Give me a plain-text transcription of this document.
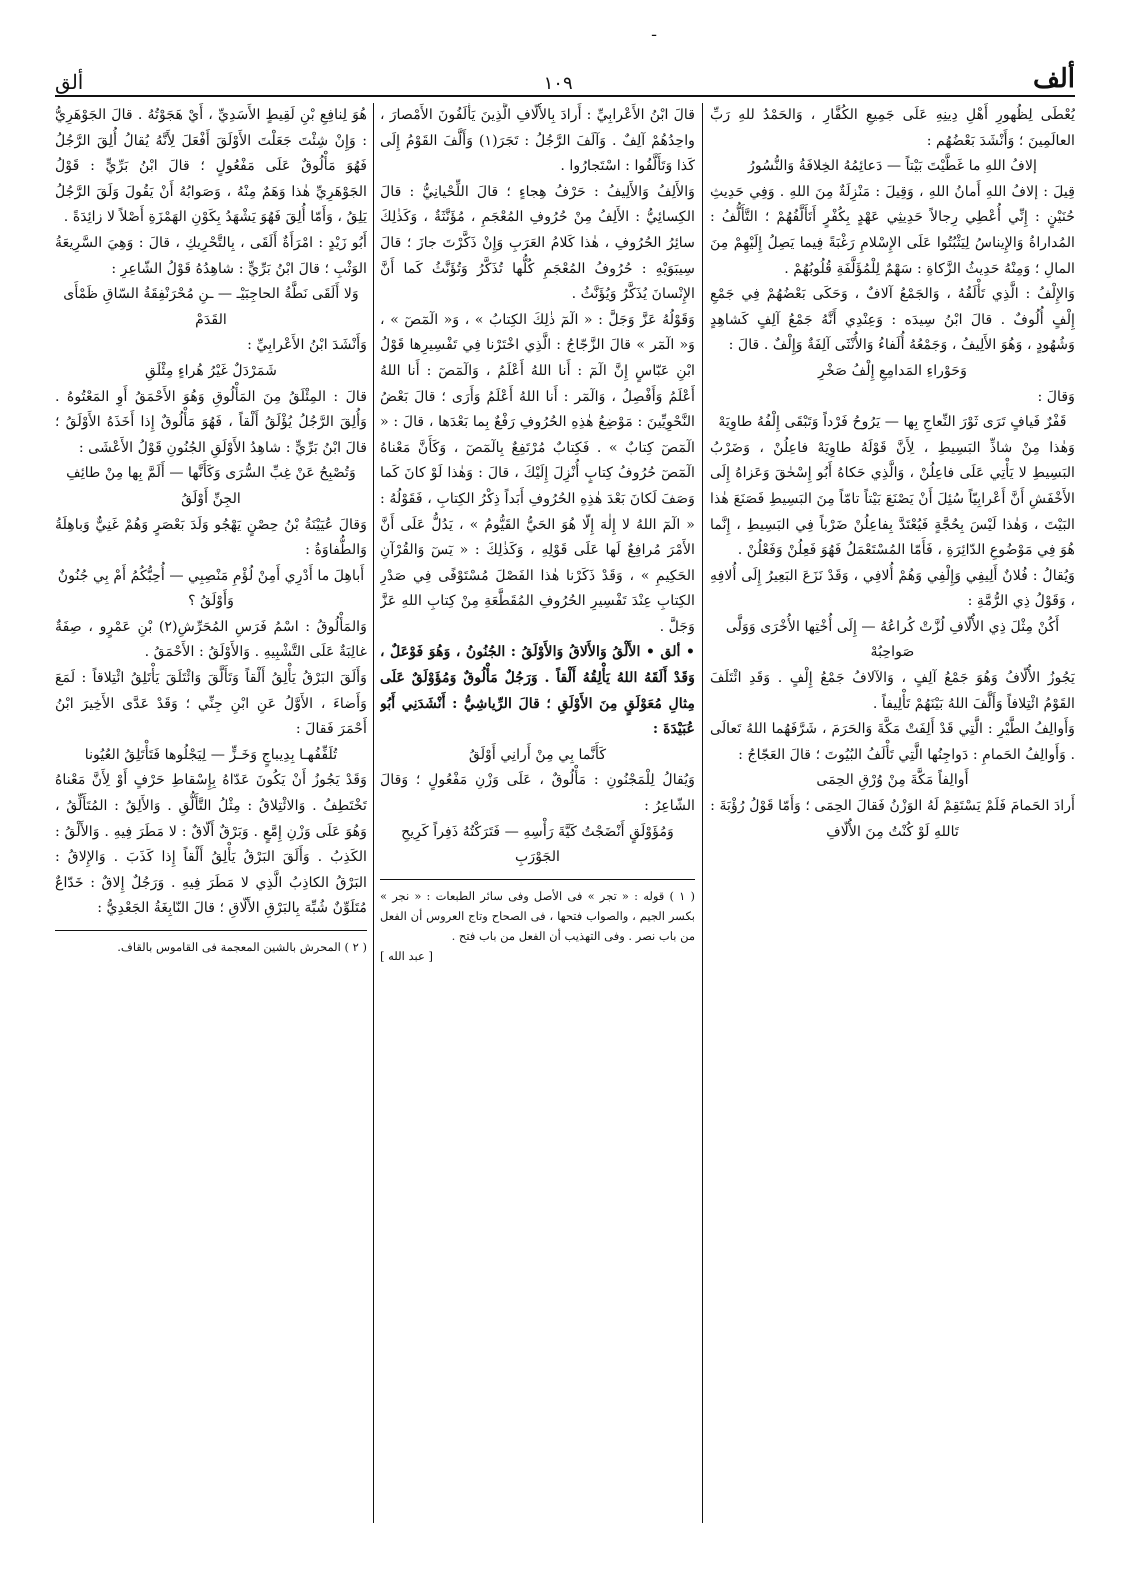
ـ
ألف
١٠٩
ألق

يُعْطَى لِظُهورِ أَهْلِ دِينِهِ عَلَى جَمِيعِ الكُفَّارِ ، وَالحَمْدُ للهِ رَبِّ العالَمِينَ ؛ وَأَنْشَدَ بَعْضُهُم :

إلافُ اللهِ ما غَطَّيْتَ بَيْتاً — دَعائِمُهُ الخِلافَةُ وَالنُّسُورُ

قِيلَ : إلافُ اللهِ أَمانُ اللهِ ، وَقِيلَ : مَنْزِلَةٌ مِنَ اللهِ . وَفِي حَدِيثِ حُنَيْنٍ : إِنِّي أُعْطِي رِجالاً حَدِيثِي عَهْدٍ بِكُفْرٍ أَتَأَلَّفُهُمْ ؛ التَّأَلُّفُ : المُداراةُ وَالإِيناسُ لِيَثْبُتُوا عَلَى الإِسْلامِ رَغْبَةً فِيما يَصِلُ إِلَيْهِمْ مِنَ المالِ ؛ وَمِنْهُ حَدِيثُ الزَّكاةِ : سَهْمٌ لِلْمُؤَلَّفَةِ قُلُوبُهُمْ .

وَالإِلْفُ : الَّذِي تَأْلَفُهُ ، وَالجَمْعُ آلافٌ ، وَحَكَى بَعْضُهُمْ فِي جَمْعِ إِلْفٍ أُلُوفٌ . قالَ ابْنُ سِيدَه : وَعِنْدِي أَنَّهُ جَمْعُ آلِفٍ كَشاهِدٍ وَشُهُودٍ ، وَهُوَ الأَلِيفُ ، وَجَمْعُهُ أُلَفاءُ وَالأُنْثَى آلِفَةٌ وَإِلْفٌ . قالَ :

وَحَوْراءِ المَدامِعِ إِلْفُ صَخْرِ

وَقالَ :

قَفْرٌ فَيافٍ تَرَى ثَوْرَ النِّعاجِ بِها — يَرُوحُ فَرْداً وَتَبْقَى إِلْفُهُ طاوِيَهْ

وَهٰذا مِنْ شاذِّ البَسِيطِ ، لِأَنَّ قَوْلَهُ طاوِيَهْ فاعِلُنْ ، وَضَرْبُ البَسِيطِ لا يَأْتِي عَلَى فاعِلُنْ ، وَالَّذِي حَكاهُ أَبُو إِسْحٰقَ وَعَزاهُ إِلَى الأَخْفَشِ أَنَّ أَعْرابِيّاً سُئِلَ أَنْ يَصْنَعَ بَيْتاً تامّاً مِنَ البَسِيطِ فَصَنَعَ هٰذا البَيْتَ ، وَهٰذا لَيْسَ بِحُجَّةٍ فَيُعْتَدَّ بِفاعِلُنْ ضَرْباً فِي البَسِيطِ ، إِنَّما هُوَ فِي مَوْضُوعِ الدّائِرَةِ ، فَأَمّا المُسْتَعْمَلُ فَهُوَ فَعِلُنْ وَفَعْلُنْ .

وَيُقالُ : فُلانٌ أَلِيفِي وَإِلْفِي وَهُمْ أُلافِي ، وَقَدْ نَزَعَ البَعِيرُ إِلَى أُلافِهِ ، وَقَوْلُ ذِي الرُّمَّةِ :

أَكُنْ مِثْلَ ذِي الأُلّافِ لُزَّتْ كُراعُهُ — إِلَى أُخْتِها الأُخْرَى وَوَلَّى صَواحِبُهْ

يَجُوزُ الأُلّافُ وَهُوَ جَمْعُ آلِفٍ ، وَالآلافُ جَمْعُ إِلْفٍ . وَقَدِ ائْتَلَفَ القَوْمُ ائْتِلافاً وَأَلَّفَ اللهُ بَيْنَهُمْ تَأْلِيفاً .

وَأَوالِفُ الطَّيْرِ : الَّتِي قَدْ أَلِفَتْ مَكَّةَ وَالحَرَمَ ، شَرَّفَهُما اللهُ تَعالَى . وَأَوالِفُ الحَمامِ : دَواجِنُها الَّتِي تَأْلَفُ البُيُوتَ ؛ قالَ العَجّاجُ :

أَوالِفاً مَكَّةَ مِنْ وُرْقِ الحِمَى

أَرادَ الحَمامَ فَلَمْ يَسْتَقِمْ لَهُ الوَزْنُ فَقالَ الحِمَى ؛ وَأَمّا قَوْلُ رُؤْبَةَ :

تَاللهِ لَوْ كُنْتُ مِنَ الأُلّافِ

قالَ ابْنُ الأَعْرابِيِّ : أَرادَ بِالأُلّافِ الَّذِينَ يَأْلَفُونَ الأَمْصارَ ، واحِدُهُمْ آلِفٌ . وَآلَفَ الرَّجُلُ : تَجَرَ(١) وَأَلَّفَ القَوْمُ إِلَى كَذا وَتَأَلَّفُوا : اسْتَجارُوا .

وَالأَلِفُ وَالأَلِيفُ : حَرْفُ هِجاءٍ ؛ قالَ اللِّحْيانِيُّ : قالَ الكِسائِيُّ : الأَلِفُ مِنْ حُرُوفِ المُعْجَمِ ، مُؤَنَّثَةٌ ، وَكَذٰلِكَ سائِرُ الحُرُوفِ ، هٰذا كَلامُ العَرَبِ وَإِنْ ذَكَّرْتَ جازَ ؛ قالَ سِيبَوَيْهِ : حُرُوفُ المُعْجَمِ كُلُّها تُذَكَّرُ وَتُؤَنَّثُ كَما أَنَّ الإِنْسانَ يُذَكَّرُ وَيُؤَنَّثُ .

وَقَوْلُهُ عَزَّ وَجَلَّ : « الٓمٓ ذٰلِكَ الكِتابُ » ، وَ« الٓمٓصٓ » ، وَ« الٓمٓر » قالَ الزَّجّاجُ : الَّذِي اخْتَرْنا فِي تَفْسِيرِها قَوْلُ ابْنِ عَبّاسٍ إِنَّ الٓمٓ : أَنا اللهُ أَعْلَمُ ، وَالٓمٓصٓ : أَنا اللهُ أَعْلَمُ وَأَفْصِلُ ، وَالٓمٓر : أَنا اللهُ أَعْلَمُ وَأَرَى ؛ قالَ بَعْضُ النَّحْوِيِّينَ : مَوْضِعُ هٰذِهِ الحُرُوفِ رَفْعٌ بِما بَعْدَها ، قالَ : « الٓمٓصٓ كِتابٌ » . فَكِتابٌ مُرْتَفِعٌ بِالٓمٓصٓ ، وَكَأَنَّ مَعْناهُ الٓمٓصٓ حُرُوفُ كِتابٍ أُنْزِلَ إِلَيْكَ ، قالَ : وَهٰذا لَوْ كانَ كَما وَصَفَ لَكانَ بَعْدَ هٰذِهِ الحُرُوفِ أَبَداً ذِكْرُ الكِتابِ ، فَقَوْلُهُ : « الٓمٓ اللهُ لا إِلٰهَ إِلّا هُوَ الحَيُّ القَيُّومُ » ، يَدُلُّ عَلَى أَنَّ الأَمْرَ مُرافِعٌ لَها عَلَى قَوْلِهِ ، وَكَذٰلِكَ : « يٓسٓ وَالقُرْآنِ الحَكِيمِ » ، وَقَدْ ذَكَرْنا هٰذا الفَصْلَ مُسْتَوْفًى فِي صَدْرِ الكِتابِ عِنْدَ تَفْسِيرِ الحُرُوفِ المُقَطَّعَةِ مِنْ كِتابِ اللهِ عَزَّ وَجَلَّ .

• ألق • الأَلْقُ وَالأَلاقُ وَالأَوْلَقُ : الجُنُونُ ، وَهُوَ فَوْعَلٌ ، وَقَدْ أَلَقَهُ اللهُ يَأْلِقُهُ أَلْقاً . وَرَجُلٌ مَأْلُوقٌ وَمُؤَوْلَقٌ عَلَى مِثالِ مُعَوْلَقٍ مِنَ الأَوْلَقِ ؛ قالَ الرِّياشِيُّ : أَنْشَدَنِي أَبُو عُبَيْدَةَ :

كَأَنَّما بِي مِنْ أَرانِي أَوْلَقُ

وَيُقالُ لِلْمَجْنُونِ : مَأْلُوقٌ ، عَلَى وَزْنِ مَفْعُولٍ ؛ وَقالَ الشّاعِرُ :

وَمُؤَوْلَقٍ أَنْضَجْتُ كَيَّةَ رَأْسِهِ — فَتَرَكْتُهُ ذَفِراً كَرِيحِ الجَوْرَبِ

( ١ ) قوله : « تجر » فى الأصل وفى سائر الطبعات : « نجر » بكسر الجيم ، والصواب فتحها ، فى الصحاح وتاج العروس أن الفعل من باب نصر . وفى التهذيب أن الفعل من باب فتح .

[ عبد الله ]

هُوَ لِنافِعِ بْنِ لَقِيطٍ الأَسَدِيِّ ، أَيْ هَجَوْتُهُ . قالَ الجَوْهَرِيُّ : وَإِنْ شِئْتَ جَعَلْتَ الأَوْلَقَ أَفْعَلَ لِأَنَّهُ يُقالُ أُلِقَ الرَّجُلُ فَهُوَ مَأْلُوقٌ عَلَى مَفْعُولٍ ؛ قالَ ابْنُ بَرِّيٍّ : قَوْلُ الجَوْهَرِيِّ هٰذا وَهَمٌ مِنْهُ ، وَصَوابُهُ أَنْ يَقُولَ وَلَقَ الرَّجُلُ يَلِقُ ، وَأَمّا أُلِقَ فَهُوَ يَشْهَدُ بِكَوْنِ الهَمْزَةِ أَصْلاً لا زائِدَةً .

أَبُو زَيْدٍ : امْرَأَةٌ أَلَقَى ، بِالتَّحْرِيكِ ، قالَ : وَهِيَ السَّرِيعَةُ الوَثْبِ ؛ قالَ ابْنُ بَرِّيٍّ : شاهِدُهُ قَوْلُ الشّاعِرِ :

وَلا أَلَقَى نَطَّةُ الحاجِبَيْـ — ـنِ مُحْرَنْفِقَةُ السّاقِ ظَمْأَى القَدَمْ

وَأَنْشَدَ ابْنُ الأَعْرابِيِّ :

شَمَرْدَلٌ غَيْرُ هُراءٍ مِئْلَقِ

قالَ : المِئْلَقُ مِنَ المَأْلُوقِ وَهُوَ الأَحْمَقُ أَوِ المَعْتُوهُ . وَأُلِقَ الرَّجُلُ يُؤْلَقُ أَلْقاً ، فَهُوَ مَأْلُوقٌ إِذا أَخَذَهُ الأَوْلَقُ ؛ قالَ ابْنُ بَرِّيٍّ : شاهِدُ الأَوْلَقِ الجُنُونِ قَوْلُ الأَعْشَى :

وَتُصْبِحُ عَنْ غِبِّ السُّرَى وَكَأَنَّها — أَلَمَّ بِها مِنْ طائِفِ الجِنِّ أَوْلَقُ

وَقالَ عُيَيْنَةُ بْنُ حِصْنٍ يَهْجُو وَلَدَ بَعْصَرٍ وَهُمْ غَنِيٌّ وَباهِلَةُ وَالطُّفاوَةُ :

أَباهِلَ ما أَدْرِي أَمِنْ لُؤْمِ مَنْصِبِي — أُحِبُّكُمُ أَمْ بِي جُنُونٌ وَأَوْلَقُ ؟

وَالمَأْلُوقُ : اسْمُ فَرَسِ المُحَرِّشِ(٢) بْنِ عَمْرٍو ، صِفَةٌ غالِبَةٌ عَلَى التَّشْبِيهِ . وَالأَوْلَقُ : الأَحْمَقُ .

وَأَلَقَ البَرْقُ يَأْلِقُ أَلْقاً وَتَأَلَّقَ وَائْتَلَقَ يَأْتَلِقُ ائْتِلاقاً : لَمَعَ وَأَضاءَ ، الأَوَّلُ عَنِ ابْنِ جِنِّي ؛ وَقَدْ عَدَّى الأَخِيرَ ابْنُ أَحْمَرَ فَقالَ :

تُلَفِّفُهـا بِدِيباجٍ وَخَـزٍّ — لِيَجْلُوها فَتَأْتَلِقُ العُيُونا

وَقَدْ يَجُوزُ أَنْ يَكُونَ عَدّاهُ بِإِسْقاطِ حَرْفٍ أَوْ لِأَنَّ مَعْناهُ تَخْتَطِفُ . وَالائْتِلاقُ : مِثْلُ التَّأَلُّقِ . وَالأَلِقُ : المُتَأَلِّقُ ، وَهُوَ عَلَى وَزْنِ إِمَّعٍ . وَبَرْقٌ أَلّاقٌ : لا مَطَرَ فِيهِ . وَالأَلْقُ : الكَذِبُ . وَأَلَقَ البَرْقُ يَأْلِقُ أَلْقاً إِذا كَذَبَ . وَالإِلاقُ : البَرْقُ الكاذِبُ الَّذِي لا مَطَرَ فِيهِ . وَرَجُلٌ إِلاقٌ : خَدّاعٌ مُتَلَوِّنٌ شُبِّهَ بِالبَرْقِ الأَلّاقِ ؛ قالَ النّابِغَةُ الجَعْدِيُّ :

( ٢ ) المحرش بالشين المعجمة فى القاموس بالقاف.
